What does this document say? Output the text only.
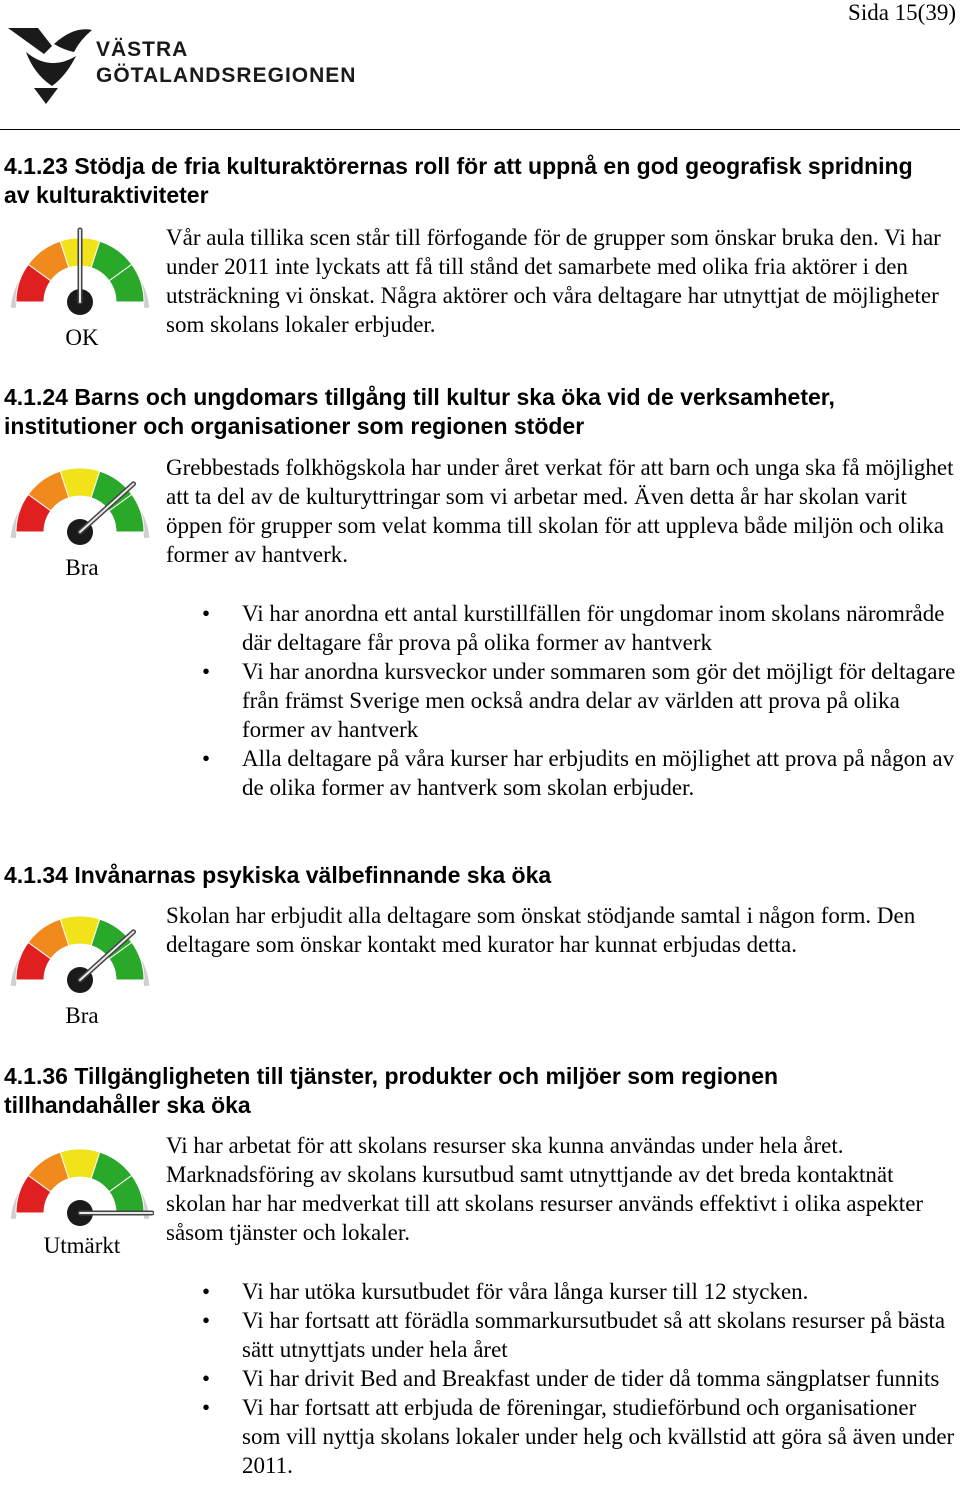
Sida 15(39)
VÄSTRA
GÖTALANDSREGIONEN
4.1.23 Stödja de fria kulturaktörernas roll för att uppnå en god geografisk spridning av kulturaktiviteter
OK

Vår aula tillika scen står till förfogande för de grupper som önskar bruka den. Vi har under 2011 inte lyckats att få till stånd det samarbete med olika fria aktörer i den utsträckning vi önskat. Några aktörer och våra deltagare har utnyttjat de möjligheter som skolans lokaler erbjuder.

4.1.24 Barns och ungdomars tillgång till kultur ska öka vid de verksamheter, institutioner och organisationer som regionen stöder
Bra

Grebbestads folkhögskola har under året verkat för att barn och unga ska få möjlighet att ta del av de kulturyttringar som vi arbetar med. Även detta år har skolan varit öppen för grupper som velat komma till skolan för att uppleva både miljön och olika former av hantverk.

• Vi har anordna ett antal kurstillfällen för ungdomar inom skolans närområde där deltagare får prova på olika former av hantverk
• Vi har anordna kursveckor under sommaren som gör det möjligt för deltagare från främst Sverige men också andra delar av världen att prova på olika former av hantverk
• Alla deltagare på våra kurser har erbjudits en möjlighet att prova på någon av de olika former av hantverk som skolan erbjuder.
4.1.34 Invånarnas psykiska välbefinnande ska öka
Bra

Skolan har erbjudit alla deltagare som önskat stödjande samtal i någon form. Den deltagare som önskar kontakt med kurator har kunnat erbjudas detta.

4.1.36 Tillgängligheten till tjänster, produkter och miljöer som regionen tillhandahåller ska öka
Utmärkt

Vi har arbetat för att skolans resurser ska kunna användas under hela året. Marknadsföring av skolans kursutbud samt utnyttjande av det breda kontaktnät skolan har har medverkat till att skolans resurser används effektivt i olika aspekter såsom tjänster och lokaler.

• Vi har utöka kursutbudet för våra långa kurser till 12 stycken.
• Vi har fortsatt att förädla sommarkursutbudet så att skolans resurser på bästa sätt utnyttjats under hela året
• Vi har drivit Bed and Breakfast under de tider då tomma sängplatser funnits
• Vi har fortsatt att erbjuda de föreningar, studieförbund och organisationer som vill nyttja skolans lokaler under helg och kvällstid att göra så även under 2011.
